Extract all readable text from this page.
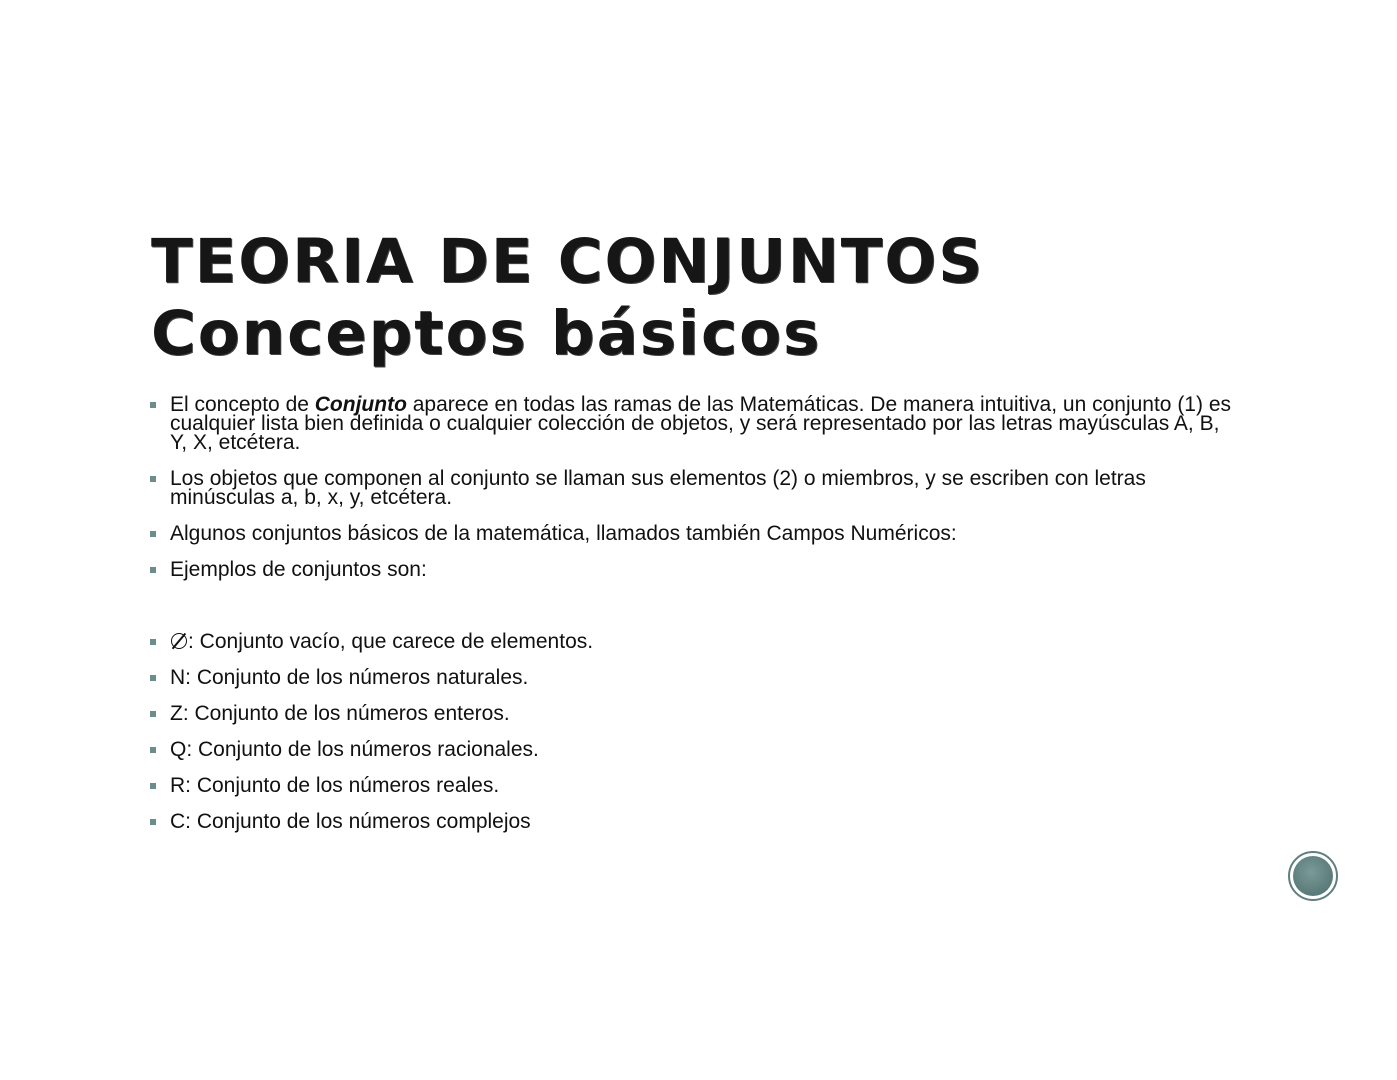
TEORIA DE CONJUNTOS
Conceptos básicos
El concepto de Conjunto aparece en todas las ramas de las Matemáticas. De manera intuitiva, un conjunto (1) es cualquier lista bien definida o cualquier colección de objetos, y será representado por las letras mayúsculas A, B, Y, X, etcétera.
Los objetos que componen al conjunto se llaman sus elementos (2) o miembros, y se escriben con letras minúsculas a, b, x, y, etcétera.
Algunos conjuntos básicos de la matemática, llamados también Campos Numéricos:
Ejemplos de conjuntos son:
: Conjunto vacío, que carece de elementos.
N: Conjunto de los números naturales.
Z: Conjunto de los números enteros.
Q: Conjunto de los números racionales.
R: Conjunto de los números reales.
C: Conjunto de los números complejos
